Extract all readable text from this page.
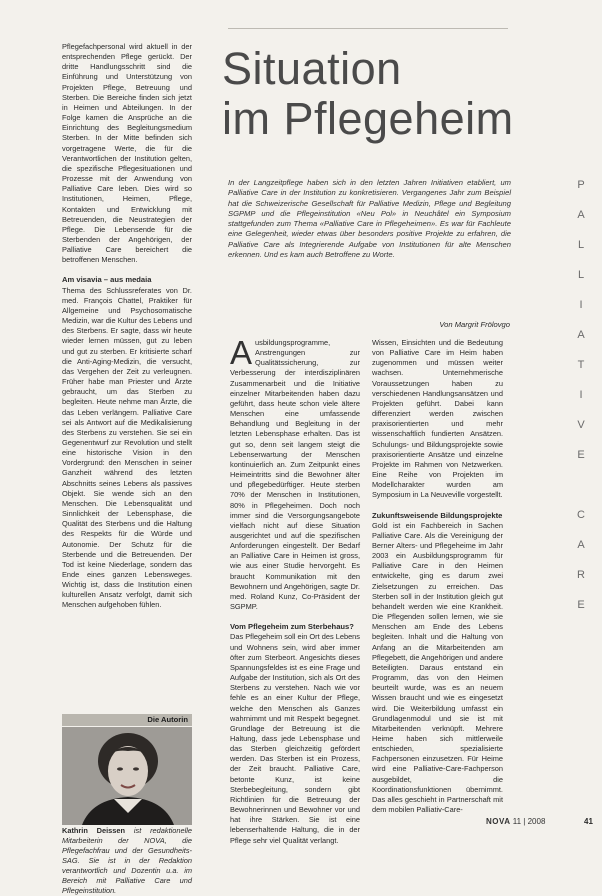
Pflegefachpersonal wird aktuell in der entsprechenden Pflege gerückt. Der dritte Handlungsschritt sind die Einführung und Unterstützung von Projekten Pflege, Betreuung und Sterben. Die Bereiche finden sich jetzt in Heimen und Abteilungen. In der Folge kamen die Ansprüche an die Einrichtung des Begleitungsmedium Sterben. In der Mitte befinden sich vorgetragene Werte, die für die Verantwortlichen der Institution gelten, die spezifische Pflegesituationen und Prozesse mit der Anwendung von Palliative Care leben. Dies wird so Institutionen, Heimen, Pflege, Kontakten und Entwicklung mit Betreuenden, die Neustrategien der Pflege. Die Lebensende für die Sterbenden der Angehörigen, der Palliative Care bereichert die betroffenen Menschen.

Am visavia – aus medaia

Thema des Schlussreferates von Dr. med. François Chattel, Praktiker für Allgemeine und Psychosomatische Medizin, war die Kultur des Lebens und des Sterbens. Er sagte, dass wir heute wieder lernen müssen, gut zu leben und gut zu sterben. Er kritisierte scharf die Anti-Aging-Medizin, die versucht, das Vergehen der Zeit zu verleugnen. Früher habe man Priester und Ärzte gebraucht, um das Sterben zu begleiten. Heute nehme man Ärzte, die das Leben verlängern. Palliative Care sei als Antwort auf die Medikalisierung des Sterbens zu verstehen. Sie sei ein Gegenentwurf zur Revolution und stellt eine historische Vision in den Vordergrund: den Menschen in seiner Ganzheit während des letzten Abschnitts seines Lebens als passives Objekt. Sie wende sich an den Menschen. Die Lebensqualität und Sinnlichkeit der Lebensphase, die Qualität des Sterbens und die Haltung des Respekts für die Würde und Autonomie. Der Schutz für die Sterbende und die Betreuenden. Der Tod ist keine Niederlage, sondern das Ende eines ganzen Lebensweges. Wichtig ist, dass die Institution einen kulturellen Ansatz verfolgt, damit sich Menschen aufgehoben fühlen.

Die Autorin
Kathrin Deissen ist redaktionelle Mitarbeiterin der NOVA, die Pflegefachfrau und der Gesundheits-SAG. Sie ist in der Redaktion verantwortlich und Dozentin u.a. im Bereich mit Palliative Care und Pflegeinstitution.
Situation
im Pflegeheim
In der Langzeitpflege haben sich in den letzten Jahren Initiativen etabliert, um Palliative Care in der Institution zu konkretisieren. Vergangenes Jahr zum Beispiel hat die Schweizerische Gesellschaft für Palliative Medizin, Pflege und Begleitung SGPMP und die Pflegeinstitution «Neu Pol» in Neuchâtel ein Symposium stattgefunden zum Thema «Palliative Care in Pflegeheimen». Es war für Fachleute eine Gelegenheit, wieder etwas über besonders positive Projekte zu erfahren, die Palliative Care als Integrierende Aufgabe von Institutionen für alte Menschen erkennen. Und es kam auch Betroffene zu Worte.
Von Margrit Frölovgo

Ausbildungsprogramme, Anstrengungen zur Qualitätssicherung, zur Verbesserung der interdisziplinären Zusammenarbeit und die Initiative einzelner Mitarbeitenden haben dazu geführt, dass heute schon viele ältere Menschen eine umfassende Behandlung und Begleitung in der letzten Lebensphase erhalten. Das ist gut so, denn seit langem steigt die Lebenserwartung der Menschen kontinuierlich an. Zum Zeitpunkt eines Heimeintritts sind die Bewohner älter und pflegebedürftiger. Heute sterben 70% der Menschen in Institutionen, 80% in Pflegeheimen. Doch noch immer sind die Versorgungsangebote vielfach nicht auf diese Situation ausgerichtet und auf die spezifischen Anforderungen eingestellt. Der Bedarf an Palliative Care in Heimen ist gross, wie aus einer Studie hervorgeht. Es braucht Kommunikation mit den Bewohnern und Angehörigen, sagte Dr. med. Roland Kunz, Co-Präsident der SGPMP.

Vom Pflegeheim zum Sterbehaus?

Das Pflegeheim soll ein Ort des Lebens und Wohnens sein, wird aber immer öfter zum Sterbeort. Angesichts dieses Spannungsfeldes ist es eine Frage und Aufgabe der Institution, sich als Ort des Sterbens zu verstehen. Nach wie vor fehle es an einer Kultur der Pflege, welche den Menschen als Ganzes wahrnimmt und mit Respekt begegnet. Grundlage der Betreuung ist die Haltung, dass jede Lebensphase und das Sterben gleichzeitig gefördert werden. Das Sterben ist ein Prozess, der Zeit braucht. Palliative Care, betonte Kunz, ist keine Sterbebegleitung, sondern gibt Richtlinien für die Betreuung der Bewohnerinnen und Bewohner vor und hat ihre Stärken. Sie ist eine lebenserhaltende Haltung, die in der Pflege sehr viel Qualität verlangt.

Wissen, Einsichten und die Bedeutung von Palliative Care im Heim haben zugenommen und müssen weiter wachsen. Unternehmerische Voraussetzungen haben zu verschiedenen Handlungsansätzen und Projekten geführt. Dabei kann differenziert werden zwischen praxisorientierten und mehr wissenschaftlich fundierten Ansätzen. Schulungs- und Bildungsprojekte sowie praxisorientierte Ansätze und einzelne Projekte im Rahmen von Netzwerken. Eine Reihe von Projekten im Modellcharakter wurden am Symposium in La Neuveville vorgestellt.

Zukunftsweisende Bildungsprojekte

Gold ist ein Fachbereich in Sachen Palliative Care. Als die Vereinigung der Berner Alters- und Pflegeheime im Jahr 2003 ein Ausbildungsprogramm für Palliative Care in den Heimen entwickelte, ging es darum zwei Zielsetzungen zu erreichen. Das Sterben soll in der Institution gleich gut behandelt werden wie eine Krankheit. Die Pflegenden sollen lernen, wie sie Menschen am Ende des Lebens begleiten. Inhalt und die Haltung von Anfang an die Mitarbeitenden am Pflegebett, die Angehörigen und andere Beteiligten. Daraus entstand ein Programm, das von den Heimen beurteilt wurde, was es an neuem Wissen braucht und wie es eingesetzt wird. Die Weiterbildung umfasst ein Grundlagenmodul und sie ist mit Mitarbeitenden verknüpft. Mehrere Heime haben sich mittlerweile entschieden, spezialisierte Fachpersonen einzusetzen. Für Heime wird eine Palliative-Care-Fachperson ausgebildet, die Koordinationsfunktionen übernimmt. Das alles geschieht in Partnerschaft mit dem mobilen Palliativ-Care-

P
A
L
L
I
A
T
I
V
E
C
A
R
E
NOVA 11 | 2008	41
